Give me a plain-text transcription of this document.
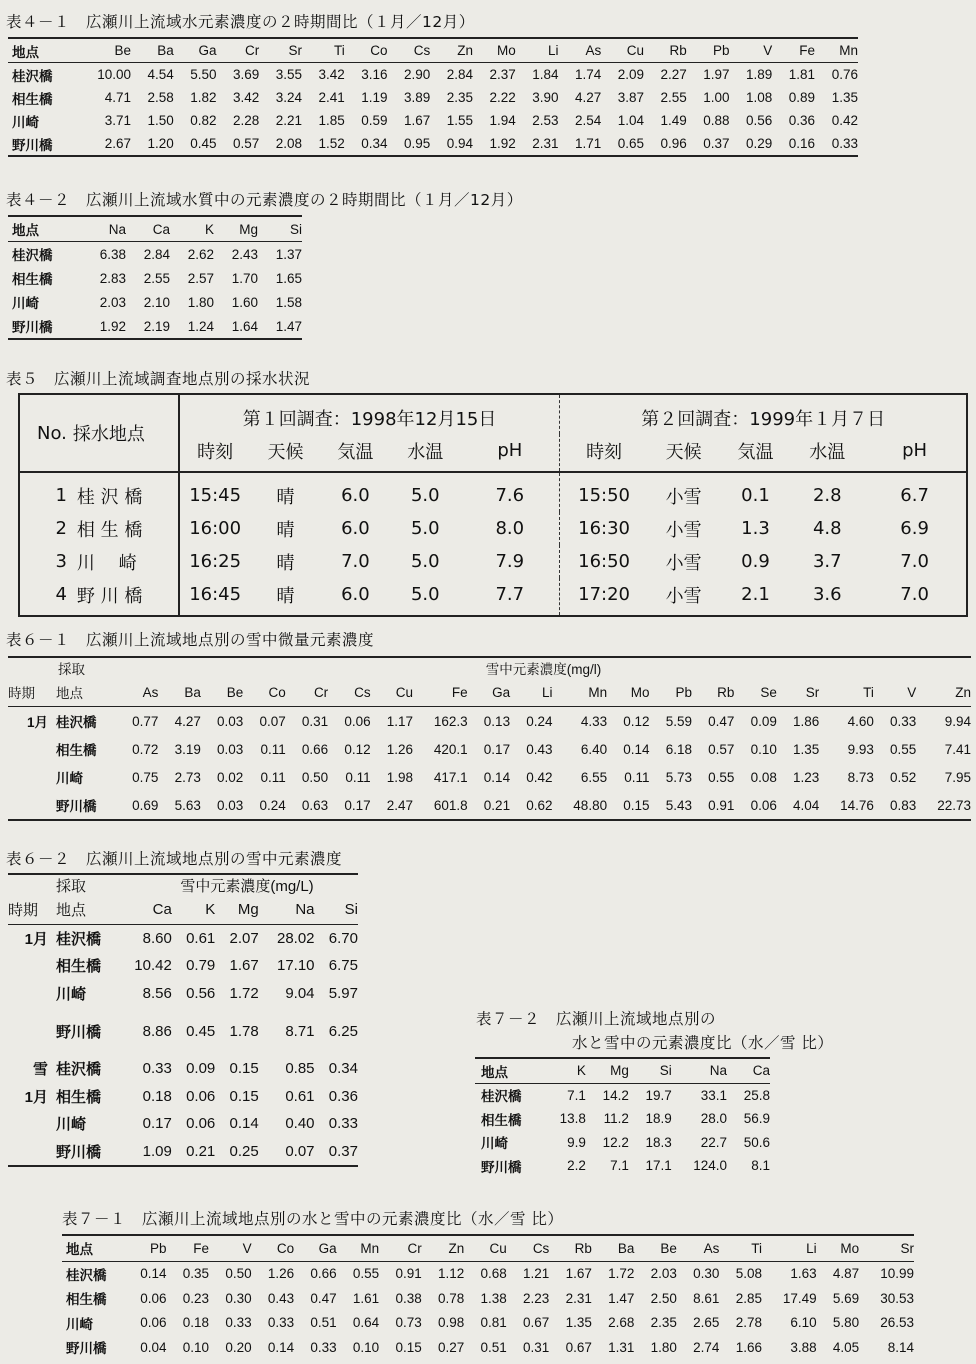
表４－１　広瀬川上流域水元素濃度の２時期間比（１月／12月）
地点	Be	Ba	Ga	Cr	Sr	Ti	Co	Cs	Zn	Mo	Li	As	Cu	Rb	Pb	V	Fe	Mn
桂沢橋	10.00	4.54	5.50	3.69	3.55	3.42	3.16	2.90	2.84	2.37	1.84	1.74	2.09	2.27	1.97	1.89	1.81	0.76
相生橋	4.71	2.58	1.82	3.42	3.24	2.41	1.19	3.89	2.35	2.22	3.90	4.27	3.87	2.55	1.00	1.08	0.89	1.35
川崎	3.71	1.50	0.82	2.28	2.21	1.85	0.59	1.67	1.55	1.94	2.53	2.54	1.04	1.49	0.88	0.56	0.36	0.42
野川橋	2.67	1.20	0.45	0.57	2.08	1.52	0.34	0.95	0.94	1.92	2.31	1.71	0.65	0.96	0.37	0.29	0.16	0.33
表４－２　広瀬川上流域水質中の元素濃度の２時期間比（１月／12月）
地点	Na	Ca	K	Mg	Si
桂沢橋	6.38	2.84	2.62	2.43	1.37
相生橋	2.83	2.55	2.57	1.70	1.65
川崎	2.03	2.10	1.80	1.60	1.58
野川橋	1.92	2.19	1.24	1.64	1.47
表５　広瀬川上流域調査地点別の採水状況
No.	採水地点	第１回調査：1998年12月15日					第２回調査：1999年１月７日				
		時刻	天候	気温	水温	pH	時刻	天候	気温	水温	pH
1	桂 沢 橋	15:45	晴	6.0	5.0	7.6	15:50	小雪	0.1	2.8	6.7
2	相 生 橋	16:00	晴	6.0	5.0	8.0	16:30	小雪	1.3	4.8	6.9
3	川　 崎	16:25	晴	7.0	5.0	7.9	16:50	小雪	0.9	3.7	7.0
4	野 川 橋	16:45	晴	6.0	5.0	7.7	17:20	小雪	2.1	3.6	7.0
表６－１　広瀬川上流域地点別の雪中微量元素濃度
	採取	雪中元素濃度(mg/l)																		
時期	地点	As	Ba	Be	Co	Cr	Cs	Cu	Fe	Ga	Li	Mn	Mo	Pb	Rb	Se	Sr	Ti	V	Zn
1月	桂沢橋	0.77	4.27	0.03	0.07	0.31	0.06	1.17	162.3	0.13	0.24	4.33	0.12	5.59	0.47	0.09	1.86	4.60	0.33	9.94
	相生橋	0.72	3.19	0.03	0.11	0.66	0.12	1.26	420.1	0.17	0.43	6.40	0.14	6.18	0.57	0.10	1.35	9.93	0.55	7.41
	川崎	0.75	2.73	0.02	0.11	0.50	0.11	1.98	417.1	0.14	0.42	6.55	0.11	5.73	0.55	0.08	1.23	8.73	0.52	7.95
	野川橋	0.69	5.63	0.03	0.24	0.63	0.17	2.47	601.8	0.21	0.62	48.80	0.15	5.43	0.91	0.06	4.04	14.76	0.83	22.73
表６－２　広瀬川上流域地点別の雪中元素濃度
	採取	雪中元素濃度(mg/L)				
時期	地点	Ca	K	Mg	Na	Si
1月	桂沢橋	8.60	0.61	2.07	28.02	6.70
	相生橋	10.42	0.79	1.67	17.10	6.75
	川崎	8.56	0.56	1.72	9.04	5.97
	野川橋	8.86	0.45	1.78	8.71	6.25
雪	桂沢橋	0.33	0.09	0.15	0.85	0.34
1月	相生橋	0.18	0.06	0.15	0.61	0.36
	川崎	0.17	0.06	0.14	0.40	0.33
	野川橋	1.09	0.21	0.25	0.07	0.37
表７－２　広瀬川上流域地点別の
水と雪中の元素濃度比（水／雪 比）
地点	K	Mg	Si	Na	Ca
桂沢橋	7.1	14.2	19.7	33.1	25.8
相生橋	13.8	11.2	18.9	28.0	56.9
川崎	9.9	12.2	18.3	22.7	50.6
野川橋	2.2	7.1	17.1	124.0	8.1
表７－１　広瀬川上流域地点別の水と雪中の元素濃度比（水／雪 比）
地点	Pb	Fe	V	Co	Ga	Mn	Cr	Zn	Cu	Cs	Rb	Ba	Be	As	Ti	Li	Mo	Sr
桂沢橋	0.14	0.35	0.50	1.26	0.66	0.55	0.91	1.12	0.68	1.21	1.67	1.72	2.03	0.30	5.08	1.63	4.87	10.99
相生橋	0.06	0.23	0.30	0.43	0.47	1.61	0.38	0.78	1.38	2.23	2.31	1.47	2.50	8.61	2.85	17.49	5.69	30.53
川崎	0.06	0.18	0.33	0.33	0.51	0.64	0.73	0.98	0.81	0.67	1.35	2.68	2.35	2.65	2.78	6.10	5.80	26.53
野川橋	0.04	0.10	0.20	0.14	0.33	0.10	0.15	0.27	0.51	0.31	0.67	1.31	1.80	2.74	1.66	3.88	4.05	8.14
